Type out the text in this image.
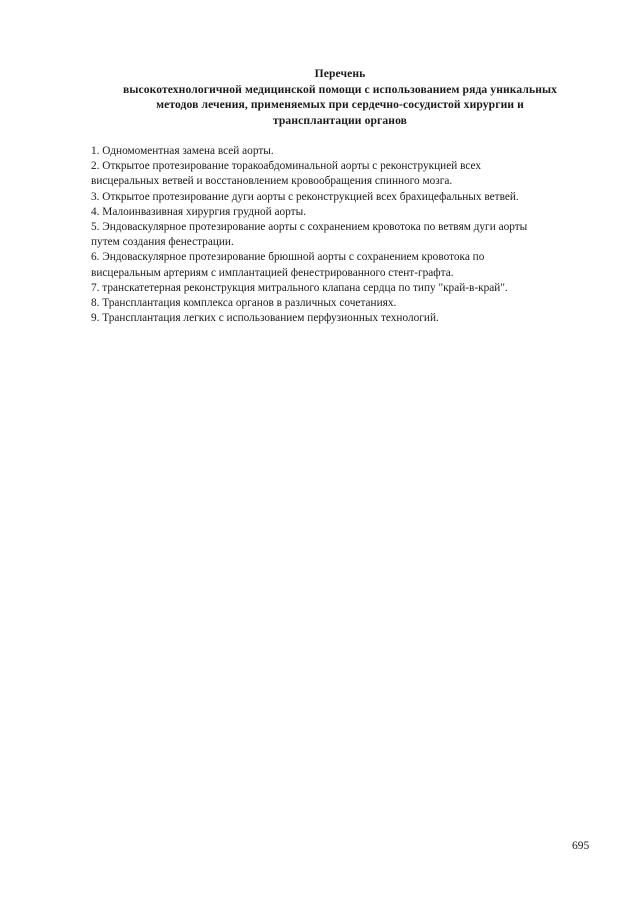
Перечень
высокотехнологичной медицинской помощи с использованием ряда уникальных
методов лечения, применяемых при сердечно-сосудистой хирургии и
трансплантации органов
1. Одномоментная замена всей аорты.
2. Открытое протезирование торакоабдоминальной аорты с реконструкцией всех
висцеральных ветвей и восстановлением кровообращения спинного мозга.
3. Открытое протезирование дуги аорты с реконструкцией всех брахицефальных ветвей.
4. Малоинвазивная хирургия грудной аорты.
5. Эндоваскулярное протезирование аорты с сохранением кровотока по ветвям дуги аорты
путем создания фенестрации.
6. Эндоваскулярное протезирование брюшной аорты с сохранением кровотока по
висцеральным артериям с имплантацией фенестрированного стент-графта.
7. транскатетерная реконструкция митрального клапана сердца по типу "край-в-край".
8. Трансплантация комплекса органов в различных сочетаниях.
9. Трансплантация легких с использованием перфузионных технологий.
695
